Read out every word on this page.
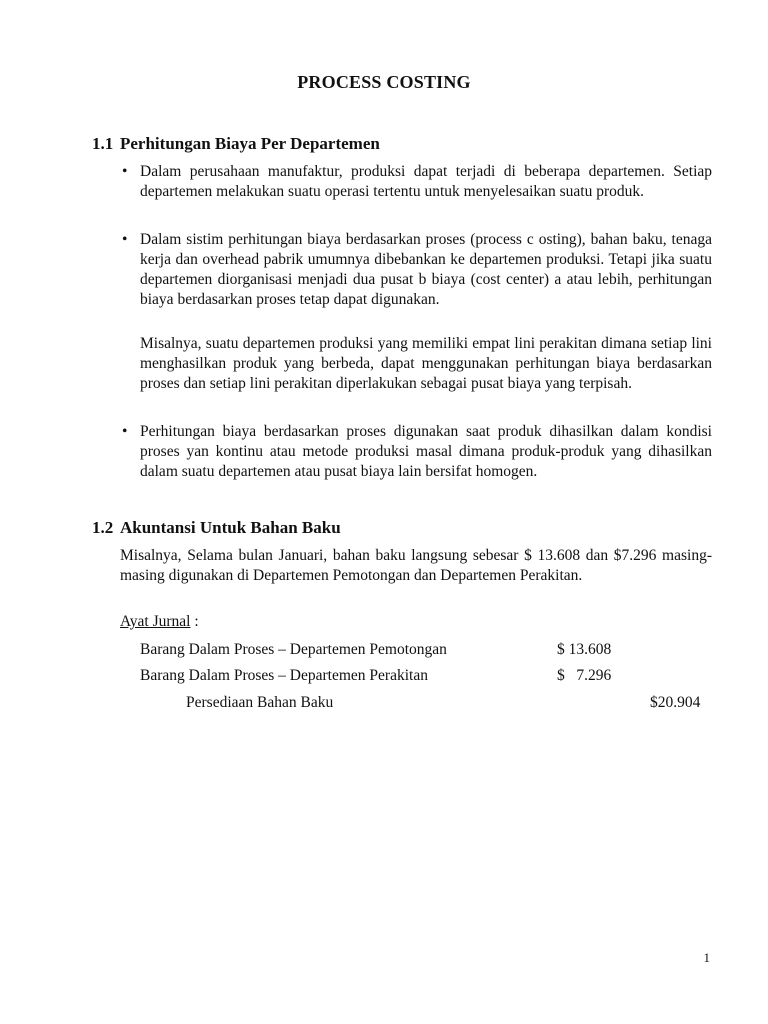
PROCESS COSTING
1.1 Perhitungan Biaya Per Departemen
• Dalam perusahaan manufaktur, produksi dapat terjadi di beberapa departemen. Setiap departemen melakukan suatu operasi tertentu untuk menyelesaikan suatu produk.
• Dalam sistim perhitungan biaya berdasarkan proses (process c osting), bahan baku, tenaga kerja dan overhead pabrik umumnya dibebankan ke departemen produksi. Tetapi jika suatu departemen diorganisasi menjadi dua pusat b biaya (cost center) a atau lebih, perhitungan biaya berdasarkan proses tetap dapat digunakan.

Misalnya, suatu departemen produksi yang memiliki empat lini perakitan dimana setiap lini menghasilkan produk yang berbeda, dapat menggunakan perhitungan biaya berdasarkan proses dan setiap lini perakitan diperlakukan sebagai pusat biaya yang terpisah.

• Perhitungan biaya berdasarkan proses digunakan saat produk dihasilkan dalam kondisi proses yan kontinu atau metode produksi masal dimana produk-produk yang dihasilkan dalam suatu departemen atau pusat biaya lain bersifat homogen.
1.2 Akuntansi Untuk Bahan Baku

Misalnya, Selama bulan Januari, bahan baku langsung sebesar $ 13.608 dan $7.296 masing-masing digunakan di Departemen Pemotongan dan Departemen Perakitan.

Ayat Jurnal :
Barang Dalam Proses – Departemen Pemotongan	$ 13.608
Barang Dalam Proses – Departemen Perakitan	$   7.296
Persediaan Bahan Baku	$20.904
1
